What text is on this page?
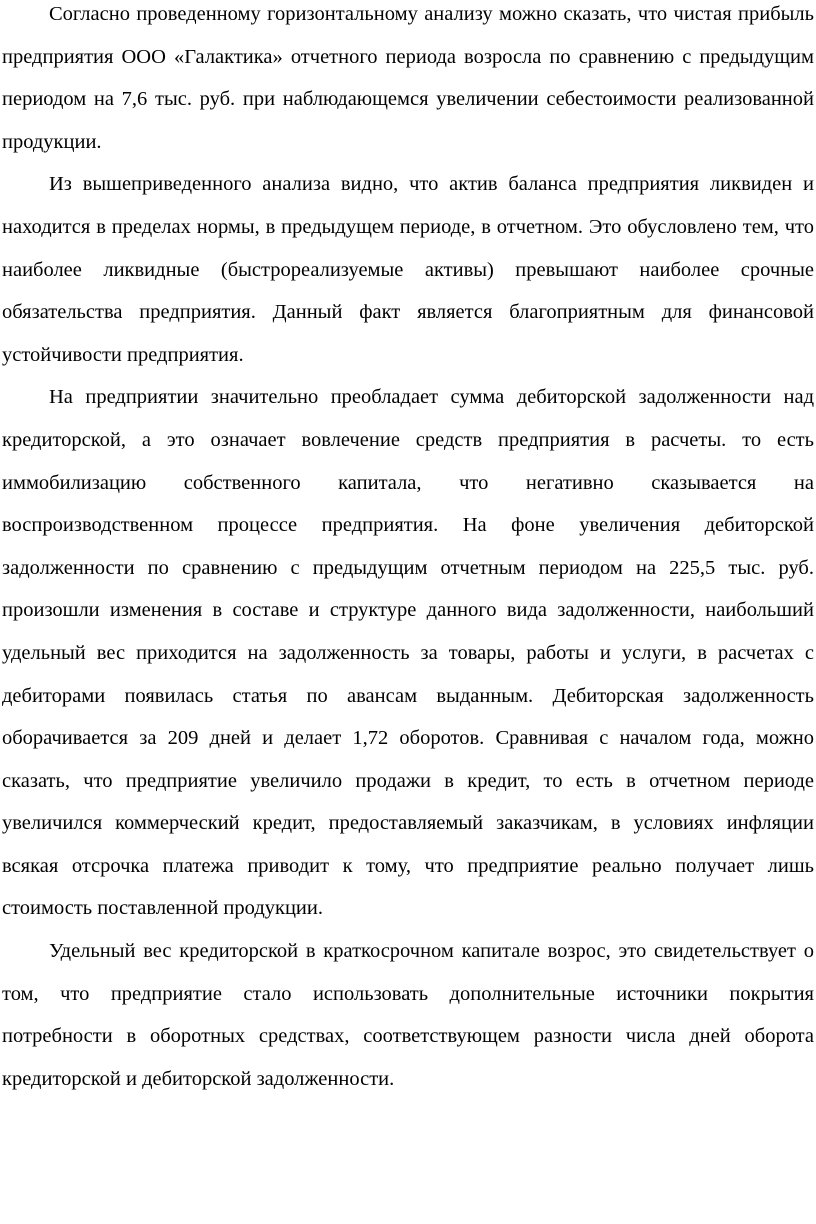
Согласно проведенному горизонтальному анализу можно сказать, что чистая прибыль предприятия ООО «Галактика» отчетного периода возросла по сравнению с предыдущим периодом на 7,6 тыс. руб. при наблюдающемся увеличении себестоимости реализованной продукции.

Из вышеприведенного анализа видно, что актив баланса предприятия ликвиден и находится в пределах нормы, в предыдущем периоде, в отчетном. Это обусловлено тем, что наиболее ликвидные (быстрореализуемые активы) превышают наиболее срочные обязательства предприятия. Данный факт является благоприятным для финансовой устойчивости предприятия.

На предприятии значительно преобладает сумма дебиторской задолженности над кредиторской, а это означает вовлечение средств предприятия в расчеты. то есть иммобилизацию собственного капитала, что негативно сказывается на воспроизводственном процессе предприятия. На фоне увеличения дебиторской задолженности по сравнению с предыдущим отчетным периодом на 225,5 тыс. руб. произошли изменения в составе и структуре данного вида задолженности, наибольший удельный вес приходится на задолженность за товары, работы и услуги, в расчетах с дебиторами появилась статья по авансам выданным. Дебиторская задолженность оборачивается за 209 дней и делает 1,72 оборотов. Сравнивая с началом года, можно сказать, что предприятие увеличило продажи в кредит, то есть в отчетном периоде увеличился коммерческий кредит, предоставляемый заказчикам, в условиях инфляции всякая отсрочка платежа приводит к тому, что предприятие реально получает лишь стоимость поставленной продукции.

Удельный вес кредиторской в краткосрочном капитале возрос, это свидетельствует о том, что предприятие стало использовать дополнительные источники покрытия потребности в оборотных средствах, соответствующем разности числа дней оборота кредиторской и дебиторской задолженности.
